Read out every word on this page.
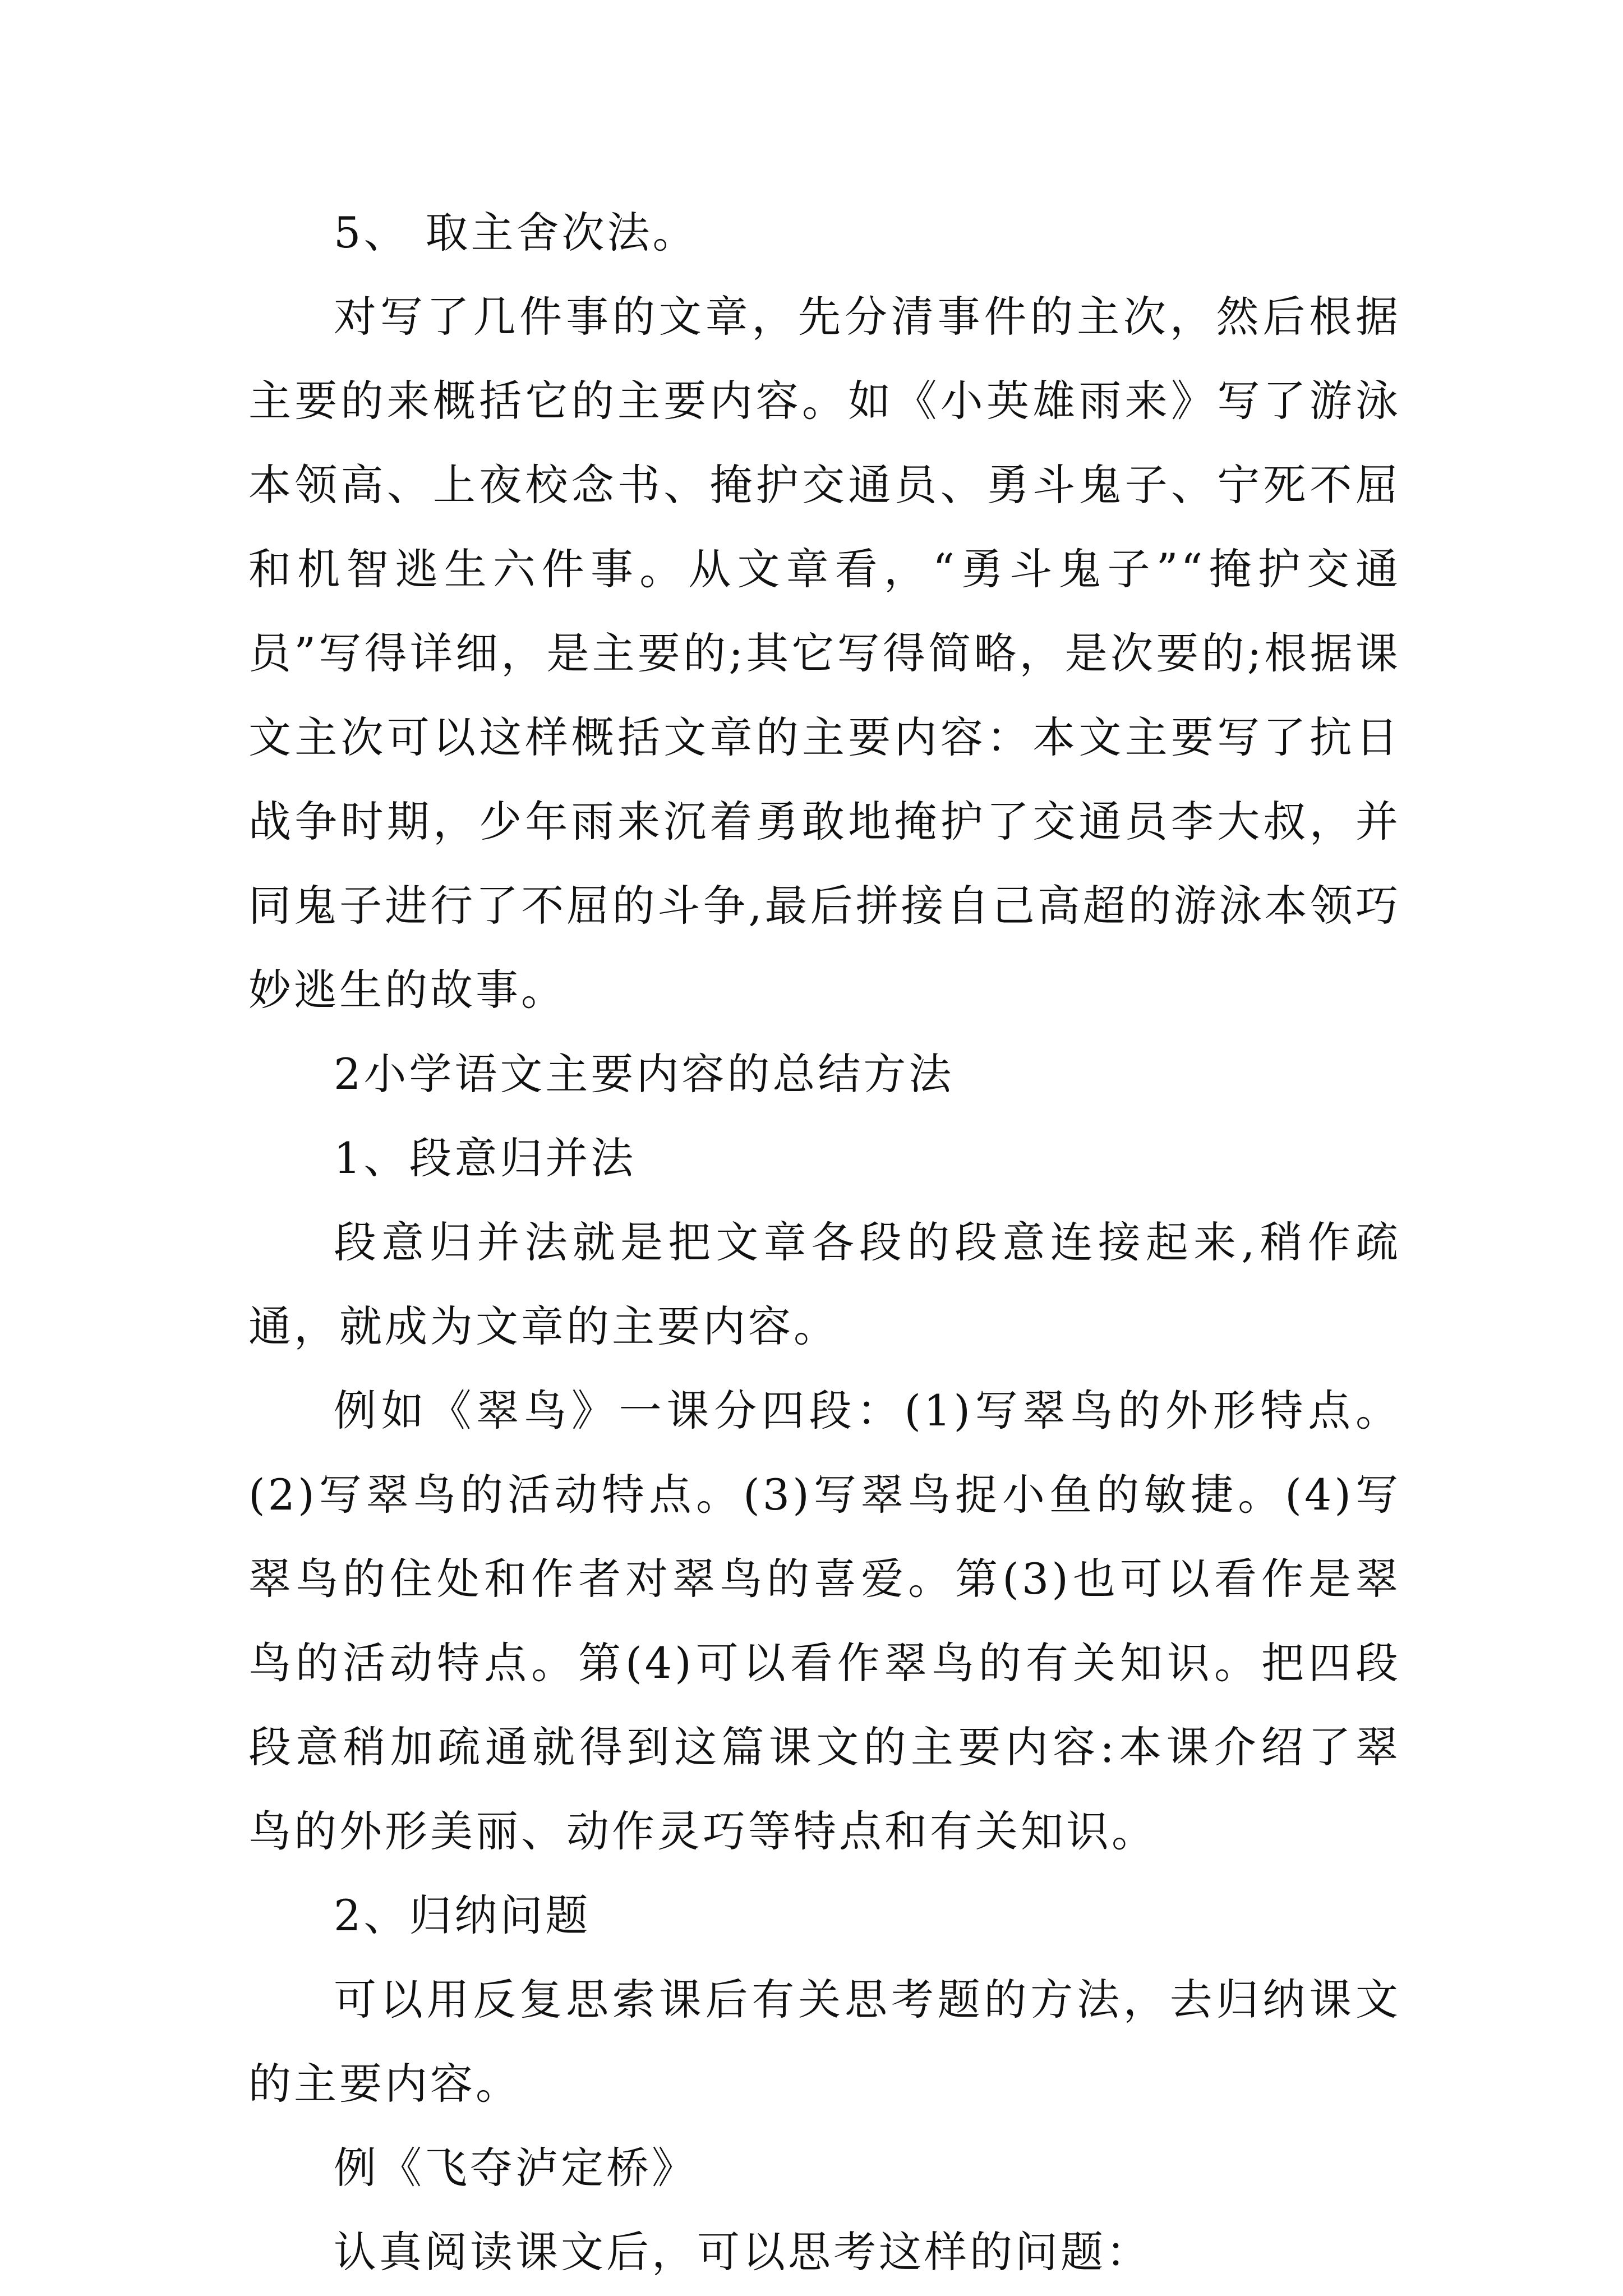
5、 取主舍次法。

对写了几件事的文章，先分清事件的主次，然后根据主要的来概括它的主要内容。如《小英雄雨来》写了游泳本领高、上夜校念书、掩护交通员、勇斗鬼子、宁死不屈和机智逃生六件事。从文章看，“勇斗鬼子”“掩护交通员”写得详细，是主要的;其它写得简略，是次要的;根据课文主次可以这样概括文章的主要内容：本文主要写了抗日战争时期，少年雨来沉着勇敢地掩护了交通员李大叔，并同鬼子进行了不屈的斗争,最后拼接自己高超的游泳本领巧妙逃生的故事。

2小学语文主要内容的总结方法

1、段意归并法

段意归并法就是把文章各段的段意连接起来,稍作疏通，就成为文章的主要内容。

例如《翠鸟》一课分四段：(1)写翠鸟的外形特点。(2)写翠鸟的活动特点。(3)写翠鸟捉小鱼的敏捷。(4)写翠鸟的住处和作者对翠鸟的喜爱。第(3)也可以看作是翠鸟的活动特点。第(4)可以看作翠鸟的有关知识。把四段段意稍加疏通就得到这篇课文的主要内容:本课介绍了翠鸟的外形美丽、动作灵巧等特点和有关知识。

2、归纳问题

可以用反复思索课后有关思考题的方法，去归纳课文的主要内容。

例《飞夺泸定桥》

认真阅读课文后，可以思考这样的问题：
